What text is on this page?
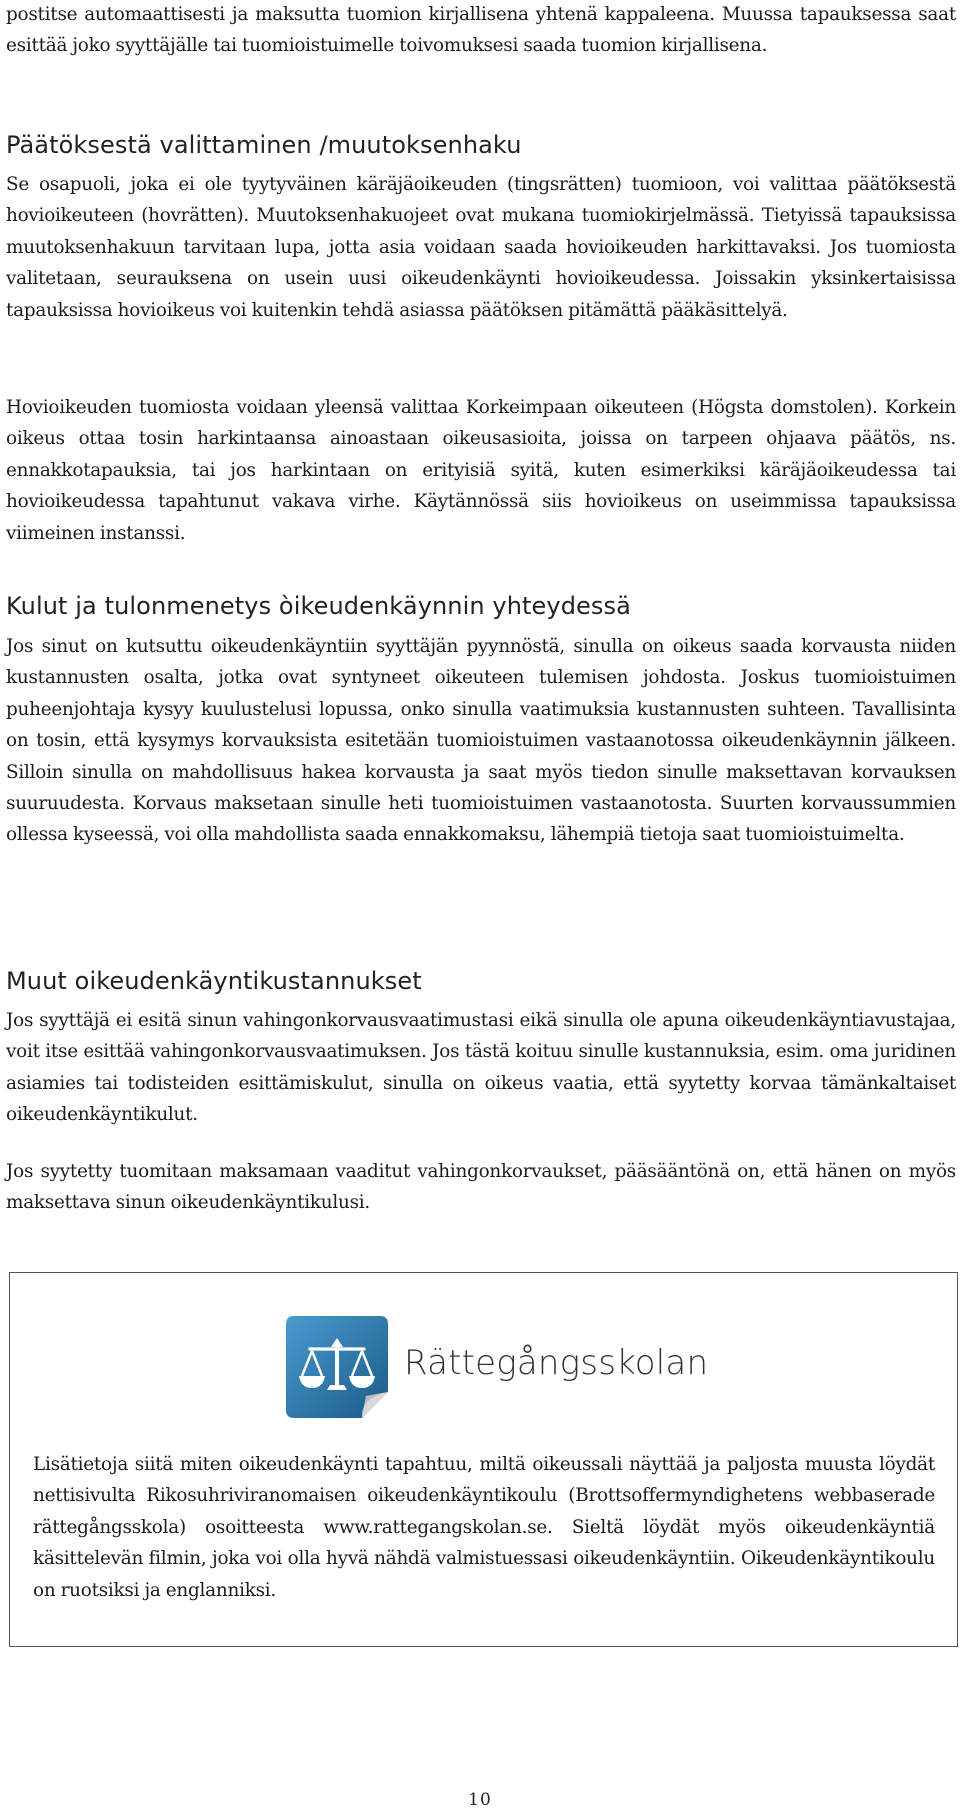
postitse automaattisesti ja maksutta tuomion kirjallisena yhtenä kappaleena. Muussa tapauksessa saat esittää joko syyttäjälle tai tuomioistuimelle toivomuksesi saada tuomion kirjallisena.

Päätöksestä valittaminen /muutoksenhaku

Se osapuoli, joka ei ole tyytyväinen käräjäoikeuden (tingsrätten) tuomioon, voi valittaa päätöksestä hovioikeuteen (hovrätten). Muutoksenhakuojeet ovat mukana tuomiokirjelmässä. Tietyissä tapauksissa muutoksenhakuun tarvitaan lupa, jotta asia voidaan saada hovioikeuden harkittavaksi. Jos tuomiosta valitetaan, seurauksena on usein uusi oikeudenkäynti hovioikeudessa. Joissakin yksinkertaisissa tapauksissa hovioikeus voi kuitenkin tehdä asiassa päätöksen pitämättä pääkäsittelyä.

Hovioikeuden tuomiosta voidaan yleensä valittaa Korkeimpaan oikeuteen (Högsta domstolen). Korkein oikeus ottaa tosin harkintaansa ainoastaan oikeusasioita, joissa on tarpeen ohjaava päätös, ns. ennakkotapauksia, tai jos harkintaan on erityisiä syitä, kuten esimerkiksi käräjäoikeudessa tai hovioikeudessa tapahtunut vakava virhe. Käytännössä siis hovioikeus on useimmissa tapauksissa viimeinen instanssi.

Kulut ja tulonmenetys òikeudenkäynnin yhteydessä

Jos sinut on kutsuttu oikeudenkäyntiin syyttäjän pyynnöstä, sinulla on oikeus saada korvausta niiden kustannusten osalta, jotka ovat syntyneet oikeuteen tulemisen johdosta. Joskus tuomioistuimen puheenjohtaja kysyy kuulustelusi lopussa, onko sinulla vaatimuksia kustannusten suhteen. Tavallisinta on tosin, että kysymys korvauksista esitetään tuomioistuimen vastaanotossa oikeudenkäynnin jälkeen. Silloin sinulla on mahdollisuus hakea korvausta ja saat myös tiedon sinulle maksettavan korvauksen suuruudesta. Korvaus maksetaan sinulle heti tuomioistuimen vastaanotosta. Suurten korvaussummien ollessa kyseessä, voi olla mahdollista saada ennakkomaksu, lähempiä tietoja saat tuomioistuimelta.

Muut oikeudenkäyntikustannukset

Jos syyttäjä ei esitä sinun vahingonkorvausvaatimustasi eikä sinulla ole apuna oikeudenkäyntiavustajaa, voit itse esittää vahingonkorvausvaatimuksen. Jos tästä koituu sinulle kustannuksia, esim. oma juridinen asiamies tai todisteiden esittämiskulut, sinulla on oikeus vaatia, että syytetty korvaa tämänkaltaiset oikeudenkäyntikulut.

Jos syytetty tuomitaan maksamaan vaaditut vahingonkorvaukset, pääsääntönä on, että hänen on myös maksettava sinun oikeudenkäyntikulusi.

Rättegångsskolan

Lisätietoja siitä miten oikeudenkäynti tapahtuu, miltä oikeussali näyttää ja paljosta muusta löydät nettisivulta Rikosuhriviranomaisen oikeudenkäyntikoulu (Brottsoffermyndighetens webbaserade rättegångsskola) osoitteesta www.rattegangskolan.se. Sieltä löydät myös oikeudenkäyntiä käsittelevän filmin, joka voi olla hyvä nähdä valmistuessasi oikeudenkäyntiin. Oikeudenkäyntikoulu on ruotsiksi ja englanniksi.

10
